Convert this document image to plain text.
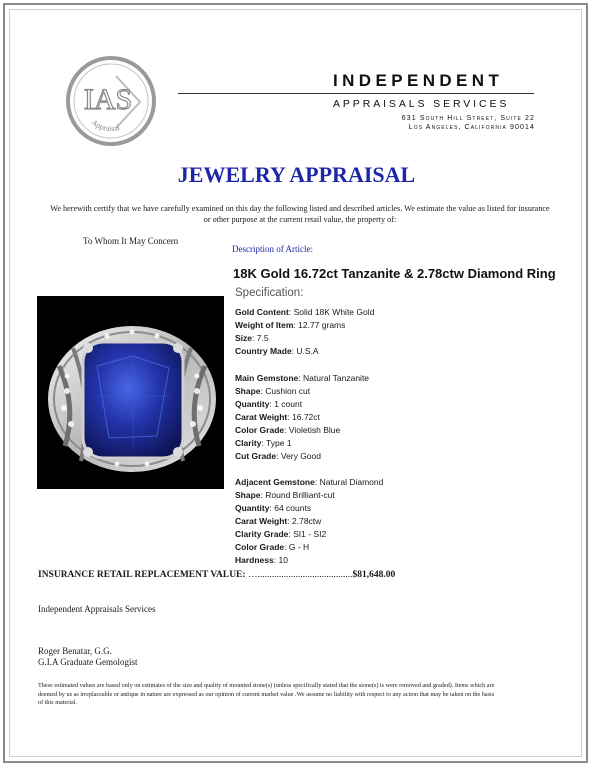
IAS
Appraisal
INDEPENDENT
APPRAISALS SERVICES
631 South Hill Street, Suite 22
Los Angeles, California 90014
JEWELRY APPRAISAL
We herewith certify that we have carefully examined on this day the following listed and described articles. We estimate the value as listed for insurance or other purpose at the current retail value, the property of:
To Whom It May Concern
Description of Article:
18K Gold 16.72ct Tanzanite & 2.78ctw Diamond Ring
Specification:
Gold Content: Solid 18K White Gold
Weight of Item: 12.77 grams
Size: 7.5
Country Made: U.S.A
Main Gemstone: Natural Tanzanite
Shape: Cushion cut
Quantity: 1 count
Carat Weight: 16.72ct
Color Grade: Violetish Blue
Clarity: Type 1
Cut Grade: Very Good
Adjacent Gemstone: Natural Diamond
Shape: Round Brilliant-cut
Quantity: 64 counts
Carat Weight: 2.78ctw
Clarity Grade: SI1 - SI2
Color Grade: G - H
Hardness: 10
INSURANCE RETAIL REPLACEMENT VALUE: …........................................$81,648.00
Independent Appraisals Services
Roger Benatar, G.G.
G.I.A Graduate Gemologist
These estimated values are based only on estimates of the size and quality of mounted stone(s) (unless specifically stated that the stone(s) is were removed and graded). Items which are deemed by us as irreplaceable or antique in nature are expressed as our opinion of current market value .We assume no liability with respect to any action that may be taken on the basis of this material.
